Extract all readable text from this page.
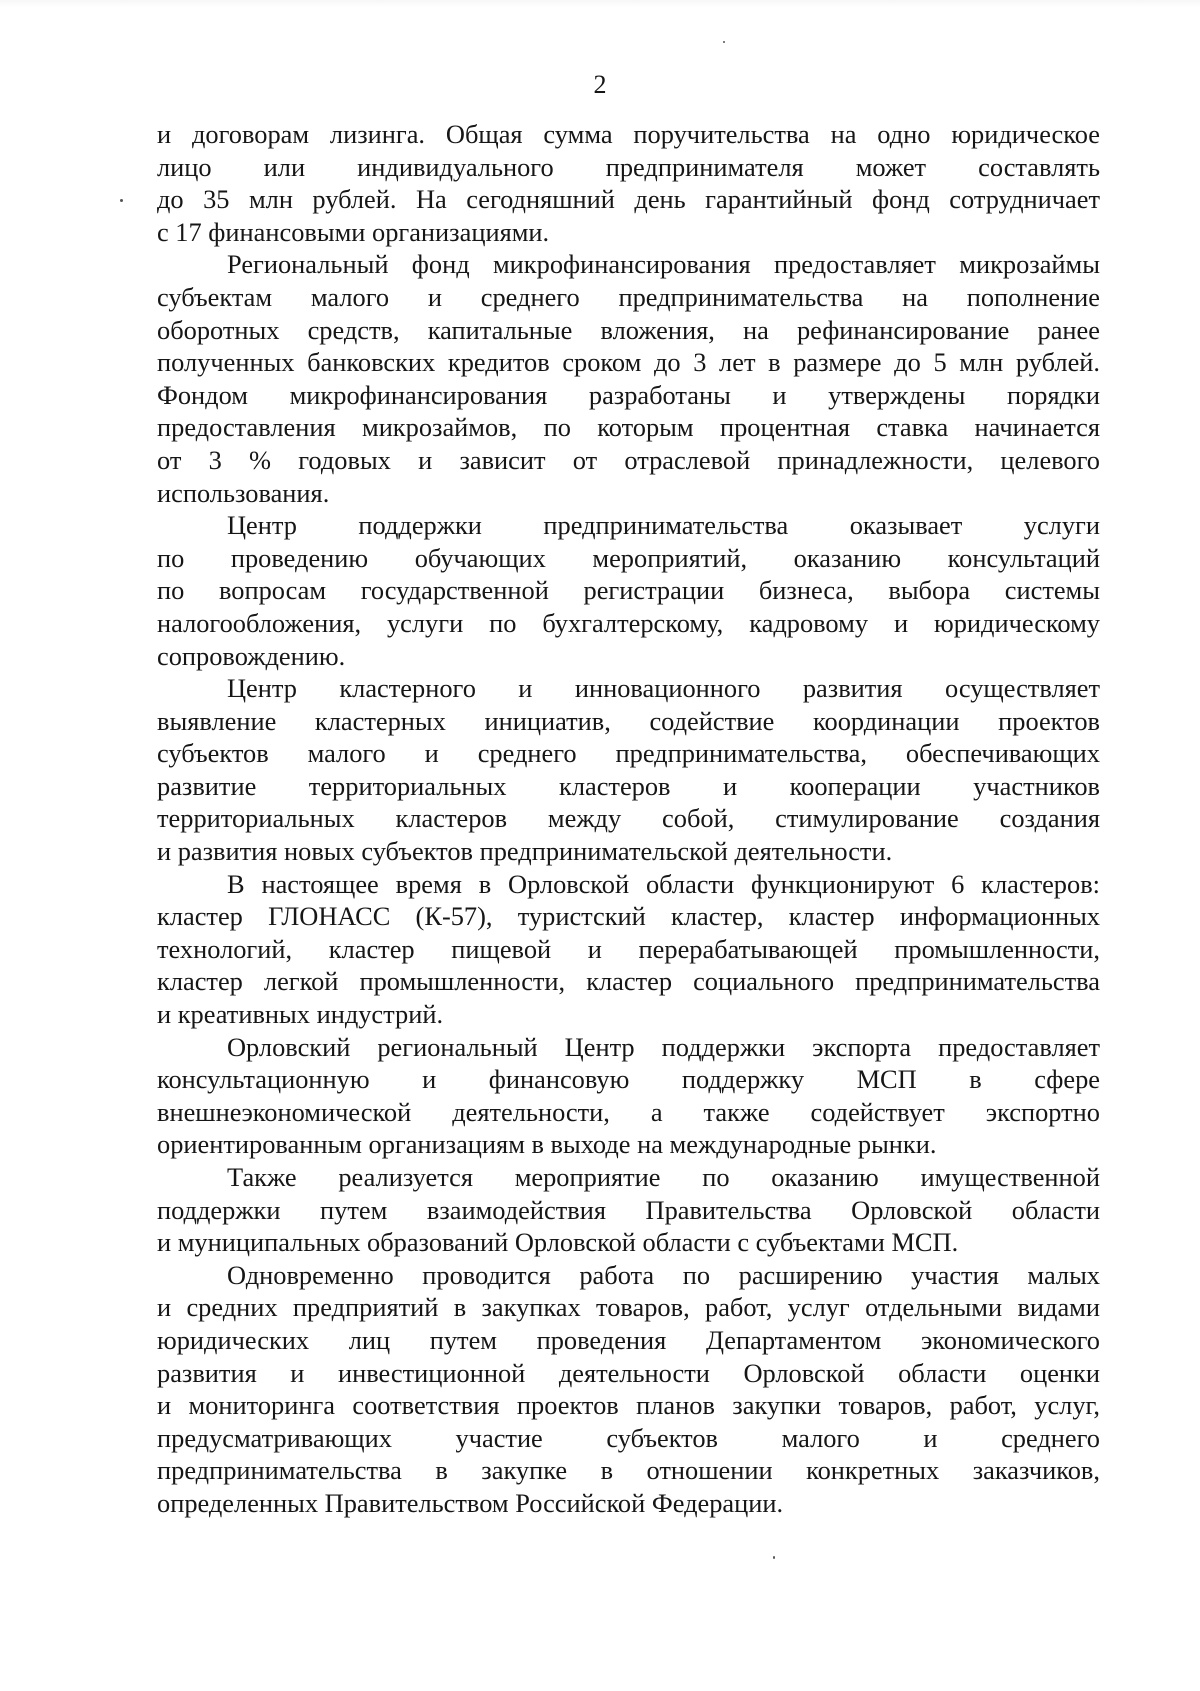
2
и договорам лизинга. Общая сумма поручительства на одно юридическое
лицо или индивидуального предпринимателя может составлять
до 35 млн рублей. На сегодняшний день гарантийный фонд сотрудничает
с 17 финансовыми организациями.
Региональный фонд микрофинансирования предоставляет микрозаймы
субъектам малого и среднего предпринимательства на пополнение
оборотных средств, капитальные вложения, на рефинансирование ранее
полученных банковских кредитов сроком до 3 лет в размере до 5 млн рублей.
Фондом микрофинансирования разработаны и утверждены порядки
предоставления микрозаймов, по которым процентная ставка начинается
от 3 % годовых и зависит от отраслевой принадлежности, целевого
использования.
Центр поддержки предпринимательства оказывает услуги
по проведению обучающих мероприятий, оказанию консультаций
по вопросам государственной регистрации бизнеса, выбора системы
налогообложения, услуги по бухгалтерскому, кадровому и юридическому
сопровождению.
Центр кластерного и инновационного развития осуществляет
выявление кластерных инициатив, содействие координации проектов
субъектов малого и среднего предпринимательства, обеспечивающих
развитие территориальных кластеров и кооперации участников
территориальных кластеров между собой, стимулирование создания
и развития новых субъектов предпринимательской деятельности.
В настоящее время в Орловской области функционируют 6 кластеров:
кластер ГЛОНАСС (К-57), туристский кластер, кластер информационных
технологий, кластер пищевой и перерабатывающей промышленности,
кластер легкой промышленности, кластер социального предпринимательства
и креативных индустрий.
Орловский региональный Центр поддержки экспорта предоставляет
консультационную и финансовую поддержку МСП в сфере
внешнеэкономической деятельности, а также содействует экспортно
ориентированным организациям в выходе на международные рынки.
Также реализуется мероприятие по оказанию имущественной
поддержки путем взаимодействия Правительства Орловской области
и муниципальных образований Орловской области с субъектами МСП.
Одновременно проводится работа по расширению участия малых
и средних предприятий в закупках товаров, работ, услуг отдельными видами
юридических лиц путем проведения Департаментом экономического
развития и инвестиционной деятельности Орловской области оценки
и мониторинга соответствия проектов планов закупки товаров, работ, услуг,
предусматривающих участие субъектов малого и среднего
предпринимательства в закупке в отношении конкретных заказчиков,
определенных Правительством Российской Федерации.
